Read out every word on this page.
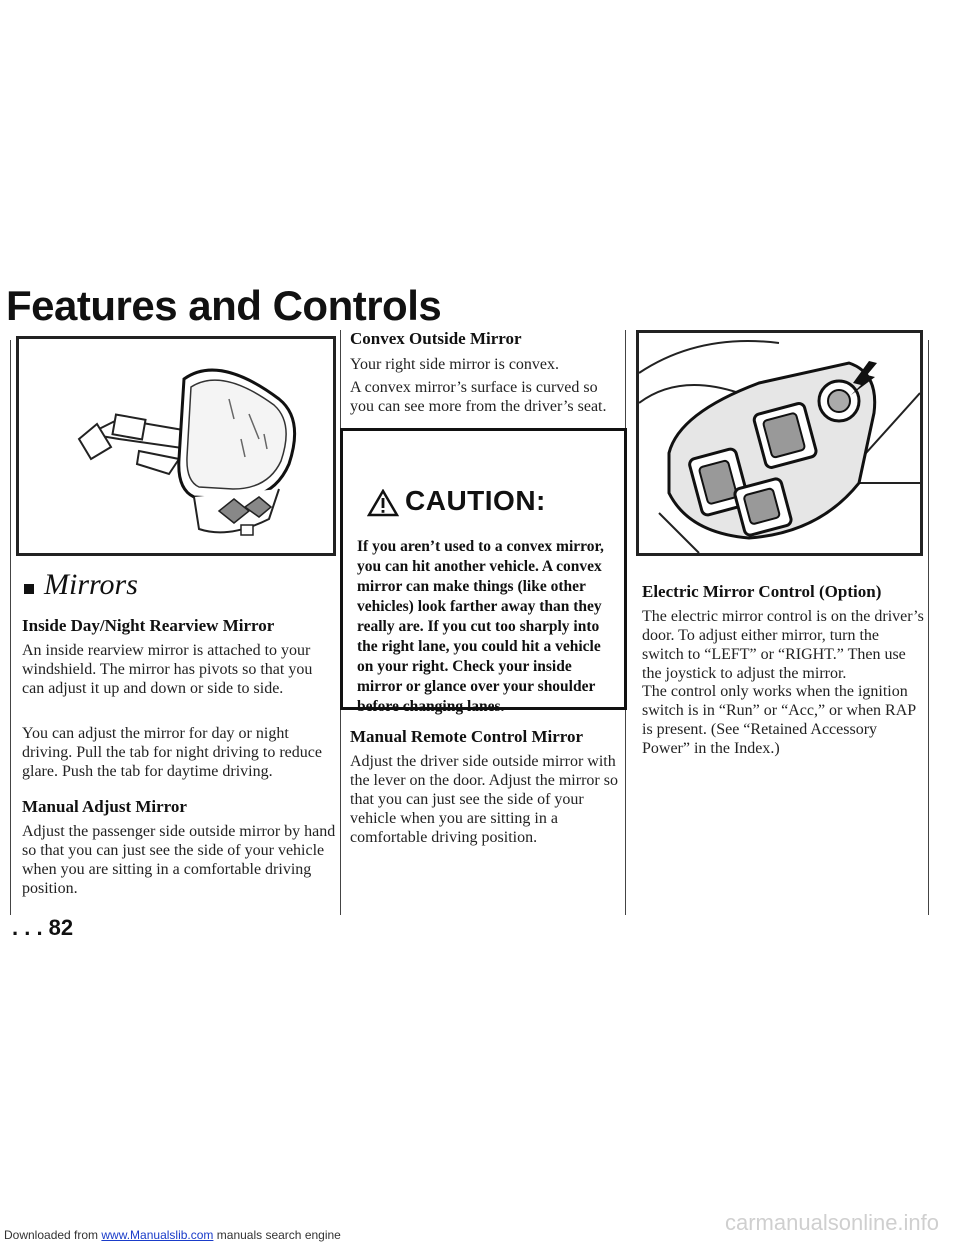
Features and Controls
Mirrors
Inside Day/Night Rearview Mirror
An inside rearview mirror is attached to your windshield. The mirror has pivots so that you can adjust it up and down or side to side.
You can adjust the mirror for day or night driving. Pull the tab for night driving to reduce glare. Push the tab for daytime driving.
Manual Adjust Mirror
Adjust the passenger side outside mirror by hand so that you can just see the side of your vehicle when you are sitting in a comfortable driving position.
. . . 82
Convex Outside Mirror
Your right side mirror is convex.
A convex mirror’s surface is curved so you can see more from the driver’s seat.
CAUTION:
If you aren’t used to a convex mirror, you can hit another vehicle. A convex mirror can make things (like other vehicles) look farther away than they really are. If you cut too sharply into the right lane, you could hit a vehicle on your right. Check your inside mirror or glance over your shoulder before changing lanes.
Manual Remote Control Mirror
Adjust the driver side outside mirror with the lever on the door. Adjust the mirror so that you can just see the side of your vehicle when you are sitting in a comfortable driving position.
Electric Mirror Control (Option)
The electric mirror control is on the driver’s door. To adjust either mirror, turn the switch to “LEFT” or “RIGHT.” Then use the joystick to adjust the mirror.
The control only works when the ignition switch is in “Run” or “Acc,” or when RAP is present. (See “Retained Accessory Power” in the Index.)
carmanualsonline.info
Downloaded from www.Manualslib.com manuals search engine
